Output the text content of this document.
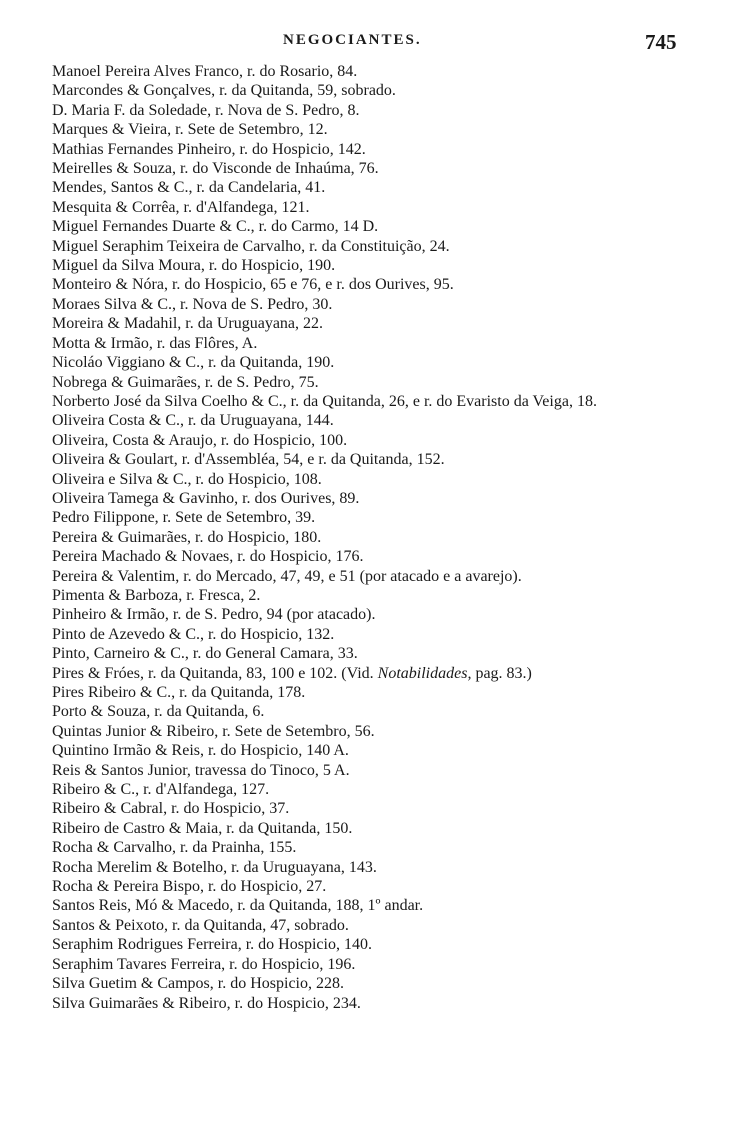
NEGOCIANTES.	745
Manoel Pereira Alves Franco, r. do Rosario, 84.
Marcondes & Gonçalves, r. da Quitanda, 59, sobrado.
D. Maria F. da Soledade, r. Nova de S. Pedro, 8.
Marques & Vieira, r. Sete de Setembro, 12.
Mathias Fernandes Pinheiro, r. do Hospicio, 142.
Meirelles & Souza, r. do Visconde de Inhaúma, 76.
Mendes, Santos & C., r. da Candelaria, 41.
Mesquita & Corrêa, r. d'Alfandega, 121.
Miguel Fernandes Duarte & C., r. do Carmo, 14 D.
Miguel Seraphim Teixeira de Carvalho, r. da Constituição, 24.
Miguel da Silva Moura, r. do Hospicio, 190.
Monteiro & Nóra, r. do Hospicio, 65 e 76, e r. dos Ourives, 95.
Moraes Silva & C., r. Nova de S. Pedro, 30.
Moreira & Madahil, r. da Uruguayana, 22.
Motta & Irmão, r. das Flôres, A.
Nicoláo Viggiano & C., r. da Quitanda, 190.
Nobrega & Guimarães, r. de S. Pedro, 75.
Norberto José da Silva Coelho & C., r. da Quitanda, 26, e r. do Evaristo da Veiga, 18.
Oliveira Costa & C., r. da Uruguayana, 144.
Oliveira, Costa & Araujo, r. do Hospicio, 100.
Oliveira & Goulart, r. d'Assembléa, 54, e r. da Quitanda, 152.
Oliveira e Silva & C., r. do Hospicio, 108.
Oliveira Tamega & Gavinho, r. dos Ourives, 89.
Pedro Filippone, r. Sete de Setembro, 39.
Pereira & Guimarães, r. do Hospicio, 180.
Pereira Machado & Novaes, r. do Hospicio, 176.
Pereira & Valentim, r. do Mercado, 47, 49, e 51 (por atacado e a avarejo).
Pimenta & Barboza, r. Fresca, 2.
Pinheiro & Irmão, r. de S. Pedro, 94 (por atacado).
Pinto de Azevedo & C., r. do Hospicio, 132.
Pinto, Carneiro & C., r. do General Camara, 33.
Pires & Fróes, r. da Quitanda, 83, 100 e 102. (Vid. Notabilidades, pag. 83.)
Pires Ribeiro & C., r. da Quitanda, 178.
Porto & Souza, r. da Quitanda, 6.
Quintas Junior & Ribeiro, r. Sete de Setembro, 56.
Quintino Irmão & Reis, r. do Hospicio, 140 A.
Reis & Santos Junior, travessa do Tinoco, 5 A.
Ribeiro & C., r. d'Alfandega, 127.
Ribeiro & Cabral, r. do Hospicio, 37.
Ribeiro de Castro & Maia, r. da Quitanda, 150.
Rocha & Carvalho, r. da Prainha, 155.
Rocha Merelim & Botelho, r. da Uruguayana, 143.
Rocha & Pereira Bispo, r. do Hospicio, 27.
Santos Reis, Mó & Macedo, r. da Quitanda, 188, 1º andar.
Santos & Peixoto, r. da Quitanda, 47, sobrado.
Seraphim Rodrigues Ferreira, r. do Hospicio, 140.
Seraphim Tavares Ferreira, r. do Hospicio, 196.
Silva Guetim & Campos, r. do Hospicio, 228.
Silva Guimarães & Ribeiro, r. do Hospicio, 234.
